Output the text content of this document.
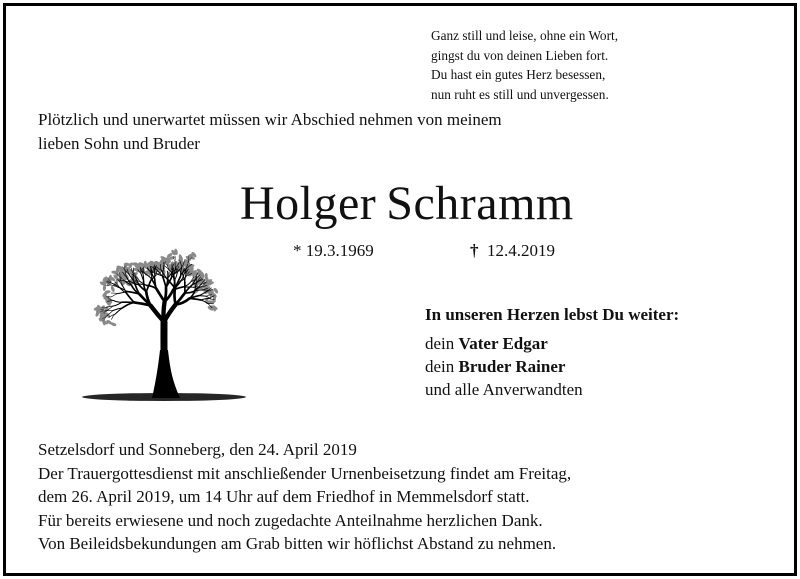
Ganz still und leise, ohne ein Wort,
gingst du von deinen Lieben fort.
Du hast ein gutes Herz besessen,
nun ruht es still und unvergessen.
Plötzlich und unerwartet müssen wir Abschied nehmen von meinem
lieben Sohn und Bruder
Holger Schramm
* 19.3.1969	† 12.4.2019
In unseren Herzen lebst Du weiter:
dein Vater Edgar
dein Bruder Rainer
und alle Anverwandten
Setzelsdorf und Sonneberg, den 24. April 2019
Der Trauergottesdienst mit anschließender Urnenbeisetzung findet am Freitag,
dem 26. April 2019, um 14 Uhr auf dem Friedhof in Memmelsdorf statt.
Für bereits erwiesene und noch zugedachte Anteilnahme herzlichen Dank.
Von Beileidsbekundungen am Grab bitten wir höflichst Abstand zu nehmen.
